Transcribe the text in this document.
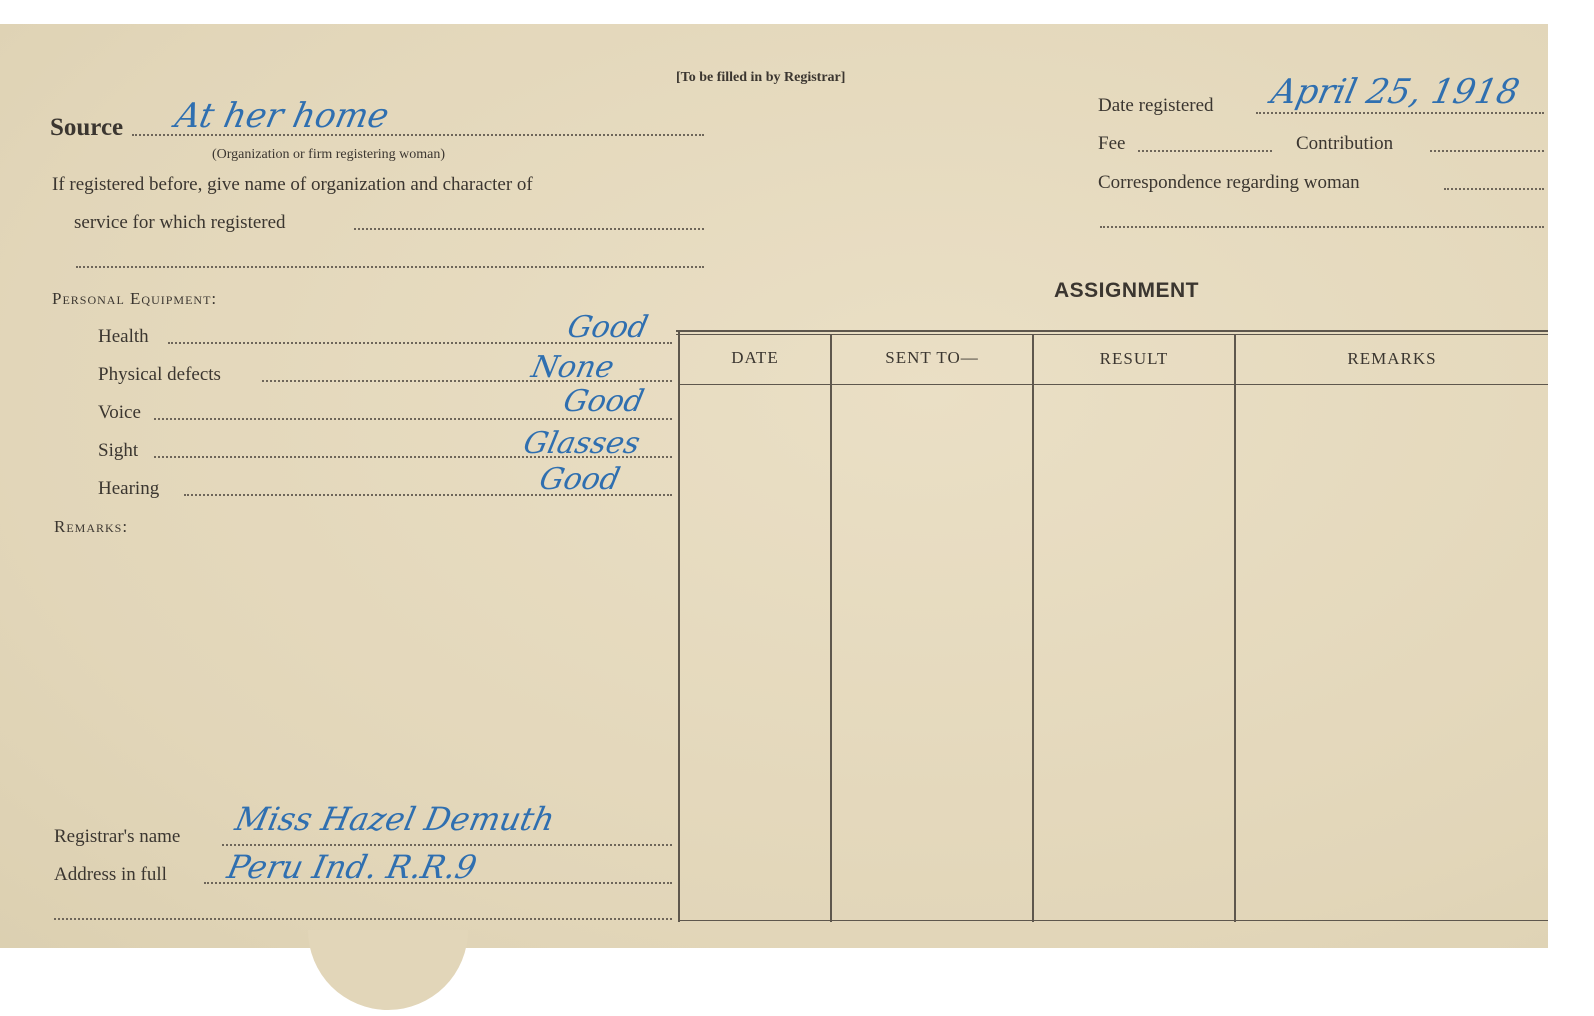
[To be filled in by Registrar]
Source At her home
(Organization or firm registering woman)
If registered before, give name of organization and character of
service for which registered
Personal Equipment:
Health	Good
Physical defects	None
Voice	Good
Sight	Glasses
Hearing	Good
Remarks:
Registrar's name Miss Hazel Demuth
Address in full Peru Ind. R.R.9
Date registered April 25, 1918
Fee	Contribution
Correspondence regarding woman
ASSIGNMENT
DATE	SENT TO—	RESULT	REMARKS
